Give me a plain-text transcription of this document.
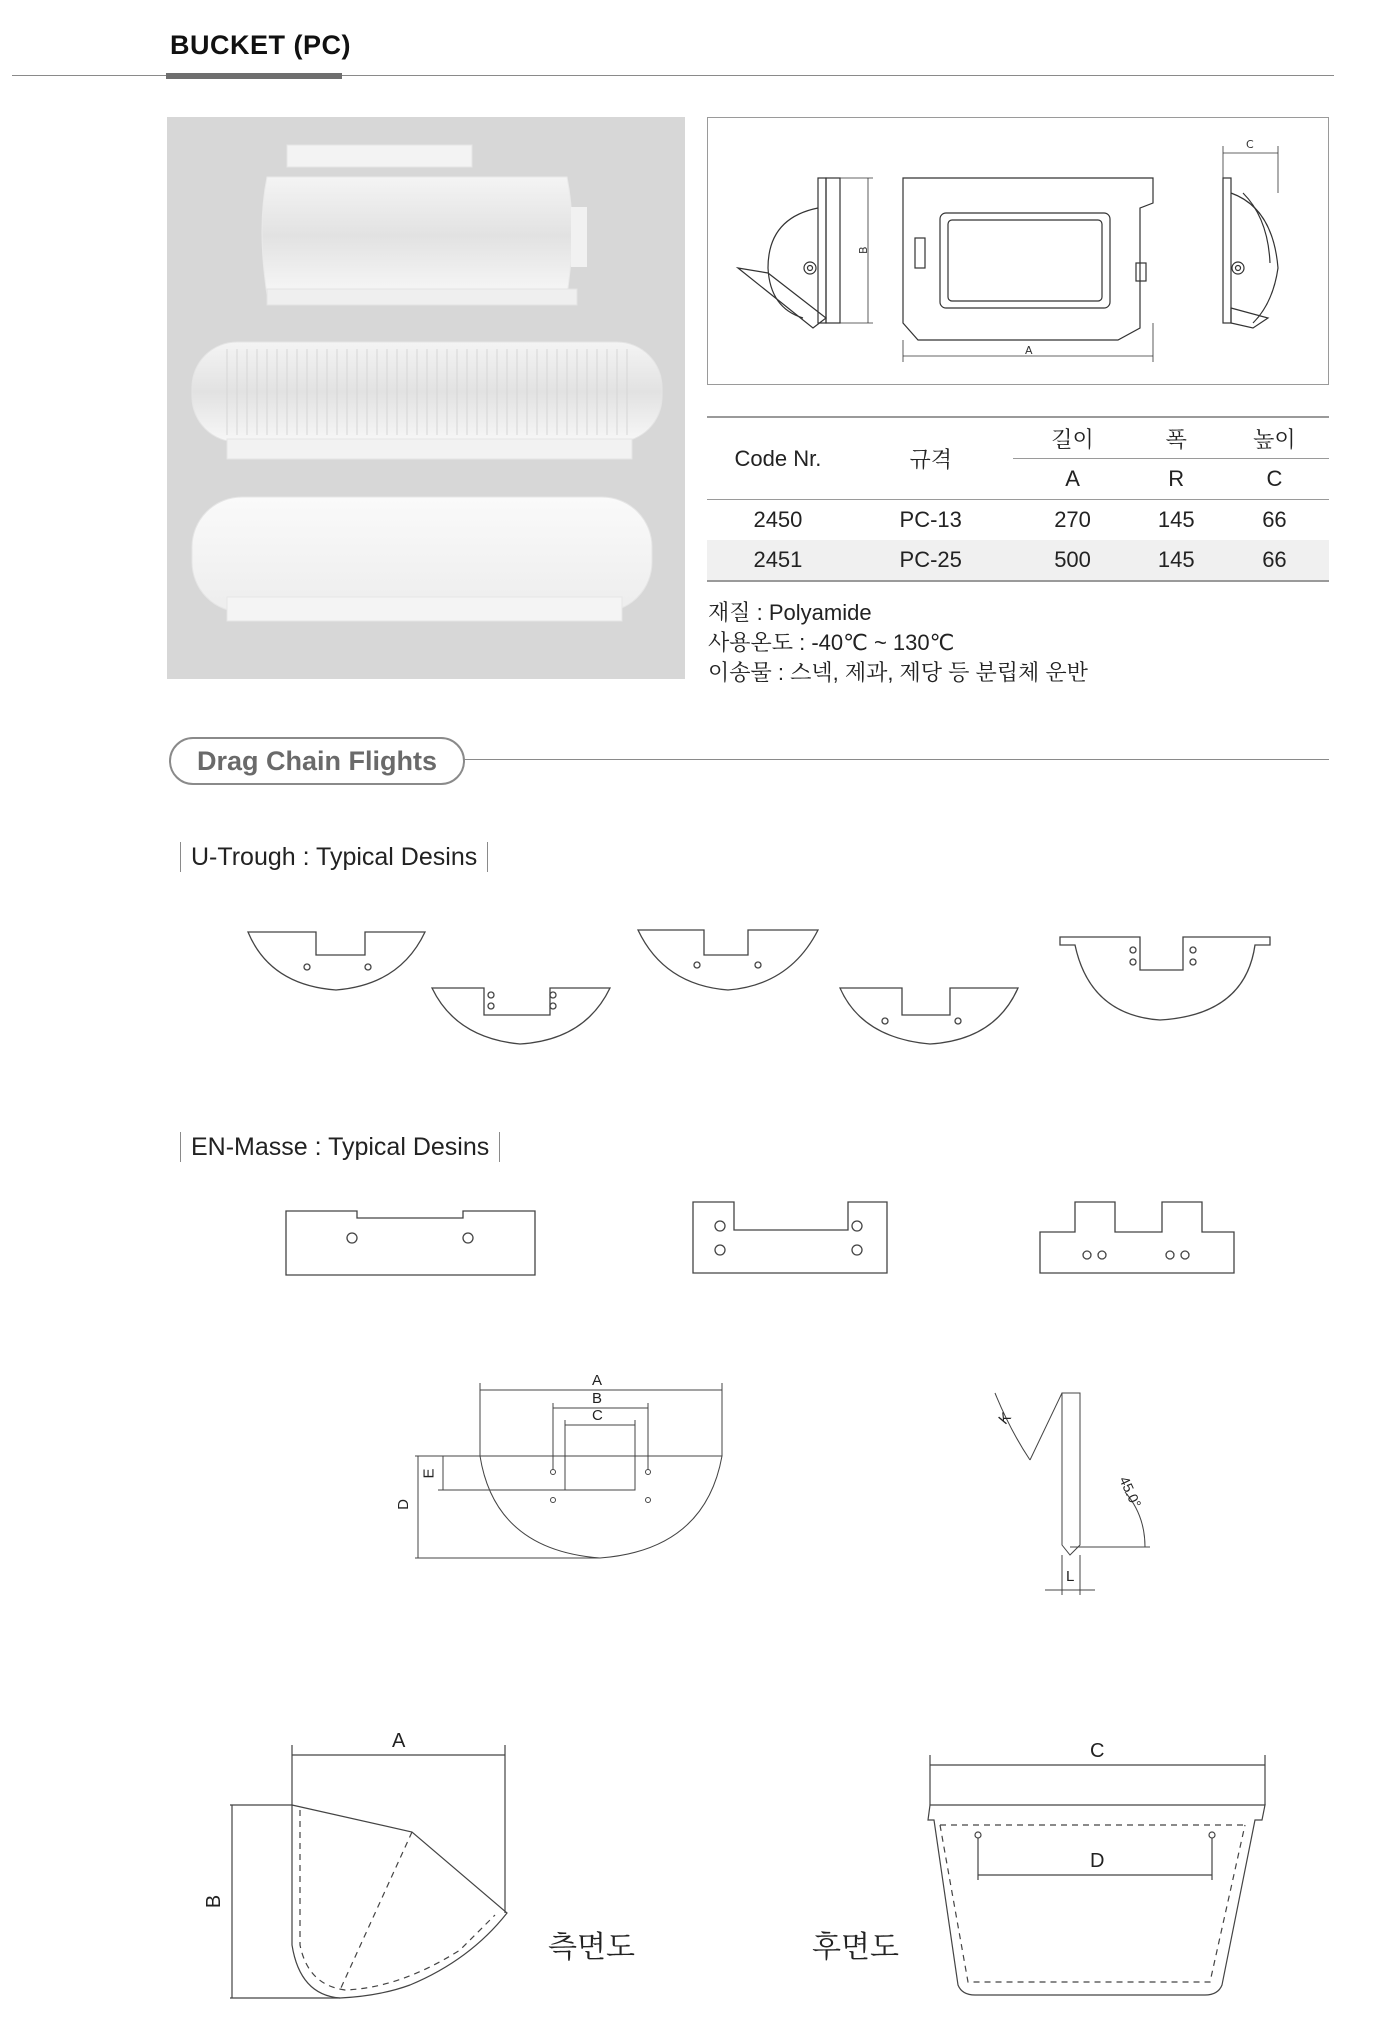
BUCKET (PC)
B
A
C
Code Nr.	규격	길이	폭	높이
		A	R	C
2450	PC-13	270	145	66
2451	PC-25	500	145	66
재질 : Polyamide
사용온도 : -40℃ ~ 130℃
이송물 : 스넥, 제과, 제당 등 분립체 운반
Drag Chain Flights
U-Trough : Typical Desins
EN-Masse : Typical Desins
A
B
C
D
E
K
45.0°
L
A
B
C
D
측면도	후면도
